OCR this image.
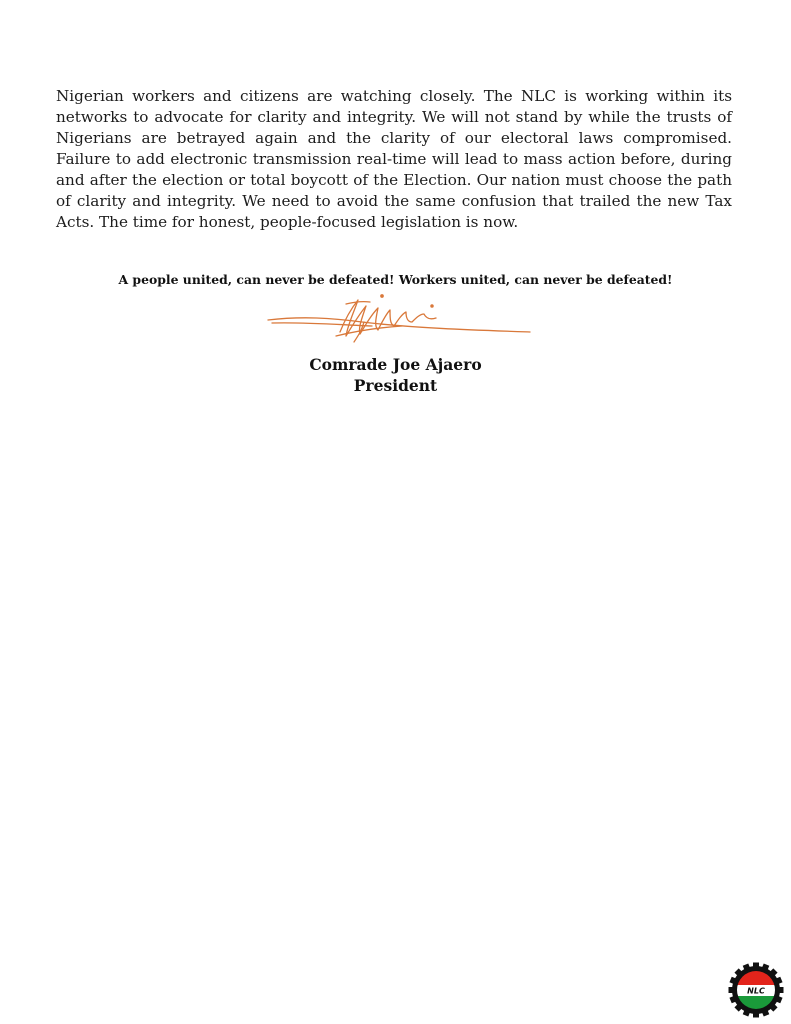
Nigerian workers and citizens are watching closely. The NLC is working within its networks to advocate for clarity and integrity. We will not stand by while the trusts of Nigerians are betrayed again and the clarity of our electoral laws compromised. Failure to add electronic transmission real-time will lead to mass action before, during and after the election or total boycott of the Election. Our nation must choose the path of clarity and integrity. We need to avoid the same confusion that trailed the new Tax Acts. The time for honest, people-focused legislation is now.

A people united, can never be defeated! Workers united, can never be defeated!

Comrade Joe Ajaero
President
NLC
